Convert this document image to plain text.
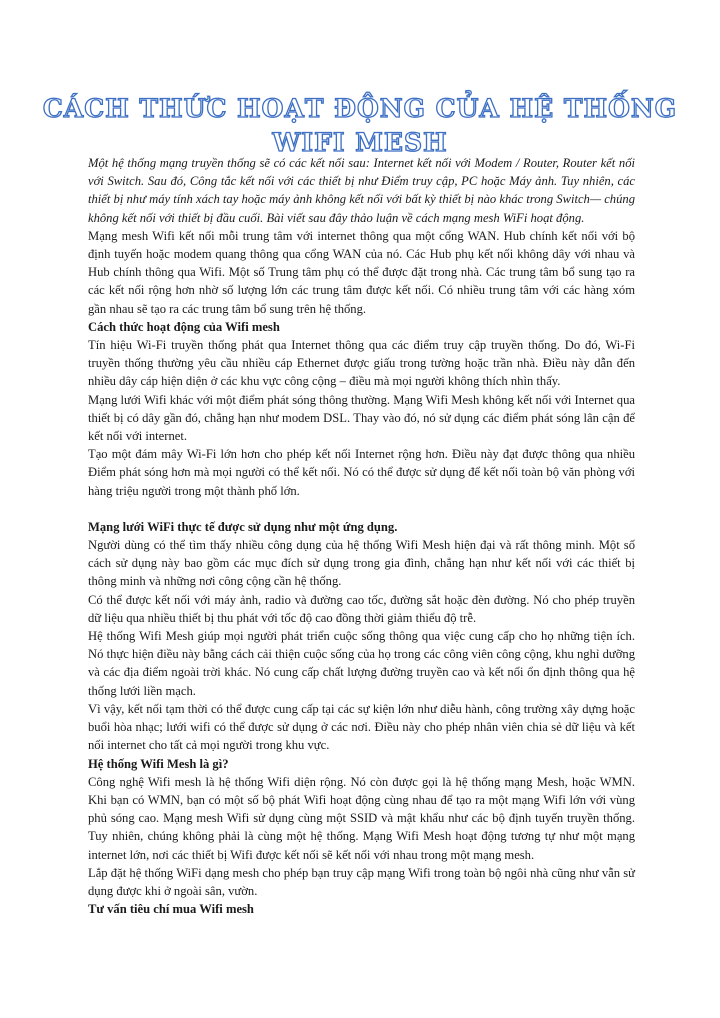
CÁCH THỨC HOẠT ĐỘNG CỦA HỆ THỐNG
WIFI MESH

Một hệ thống mạng truyền thống sẽ có các kết nối sau: Internet kết nối với Modem / Router, Router kết nối với Switch. Sau đó, Công tắc kết nối với các thiết bị như Điểm truy cập, PC hoặc Máy ảnh. Tuy nhiên, các thiết bị như máy tính xách tay hoặc máy ảnh không kết nối với bất kỳ thiết bị nào khác trong Switch— chúng không kết nối với thiết bị đầu cuối. Bài viết sau đây thảo luận về cách mạng mesh WiFi hoạt động.

Mạng mesh Wifi kết nối mỗi trung tâm với internet thông qua một cổng WAN. Hub chính kết nối với bộ định tuyến hoặc modem quang thông qua cổng WAN của nó. Các Hub phụ kết nối không dây với nhau và Hub chính thông qua Wifi. Một số Trung tâm phụ có thể được đặt trong nhà. Các trung tâm bổ sung tạo ra các kết nối rộng hơn nhờ số lượng lớn các trung tâm được kết nối. Có nhiều trung tâm với các hàng xóm gần nhau sẽ tạo ra các trung tâm bổ sung trên hệ thống.

Cách thức hoạt động của Wifi mesh

Tín hiệu Wi-Fi truyền thống phát qua Internet thông qua các điểm truy cập truyền thống. Do đó, Wi-Fi truyền thống thường yêu cầu nhiều cáp Ethernet được giấu trong tường hoặc trần nhà. Điều này dẫn đến nhiều dây cáp hiện diện ở các khu vực công cộng – điều mà mọi người không thích nhìn thấy.

Mạng lưới Wifi khác với một điểm phát sóng thông thường. Mạng Wifi Mesh không kết nối với Internet qua thiết bị có dây gần đó, chẳng hạn như modem DSL. Thay vào đó, nó sử dụng các điểm phát sóng lân cận để kết nối với internet.

Tạo một đám mây Wi-Fi lớn hơn cho phép kết nối Internet rộng hơn. Điều này đạt được thông qua nhiều Điểm phát sóng hơn mà mọi người có thể kết nối. Nó có thể được sử dụng để kết nối toàn bộ văn phòng với hàng triệu người trong một thành phố lớn.

Mạng lưới WiFi thực tế được sử dụng như một ứng dụng.

Người dùng có thể tìm thấy nhiều công dụng của hệ thống Wifi Mesh hiện đại và rất thông minh. Một số cách sử dụng này bao gồm các mục đích sử dụng trong gia đình, chẳng hạn như kết nối với các thiết bị thông minh và những nơi công cộng cần hệ thống.

Có thể được kết nối với máy ảnh, radio và đường cao tốc, đường sắt hoặc đèn đường. Nó cho phép truyền dữ liệu qua nhiều thiết bị thu phát với tốc độ cao đồng thời giảm thiểu độ trễ.

Hệ thống Wifi Mesh giúp mọi người phát triển cuộc sống thông qua việc cung cấp cho họ những tiện ích. Nó thực hiện điều này bằng cách cải thiện cuộc sống của họ trong các công viên công cộng, khu nghỉ dưỡng và các địa điểm ngoài trời khác. Nó cung cấp chất lượng đường truyền cao và kết nối ổn định thông qua hệ thống lưới liền mạch.

Vì vậy, kết nối tạm thời có thể được cung cấp tại các sự kiện lớn như diễu hành, công trường xây dựng hoặc buổi hòa nhạc; lưới wifi có thể được sử dụng ở các nơi. Điều này cho phép nhân viên chia sẻ dữ liệu và kết nối internet cho tất cả mọi người trong khu vực.

Hệ thống Wifi Mesh là gì?

Công nghệ Wifi mesh là hệ thống Wifi diện rộng. Nó còn được gọi là hệ thống mạng Mesh, hoặc WMN. Khi bạn có WMN, bạn có một số bộ phát Wifi hoạt động cùng nhau để tạo ra một mạng Wifi lớn với vùng phủ sóng cao. Mạng mesh Wifi sử dụng cùng một SSID và mật khẩu như các bộ định tuyến truyền thống. Tuy nhiên, chúng không phải là cùng một hệ thống. Mạng Wifi Mesh hoạt động tương tự như một mạng internet lớn, nơi các thiết bị Wifi được kết nối sẽ kết nối với nhau trong một mạng mesh.

Lắp đặt hệ thống WiFi dạng mesh cho phép bạn truy cập mạng Wifi trong toàn bộ ngôi nhà cũng như vẫn sử dụng được khi ở ngoài sân, vườn.

Tư vấn tiêu chí mua Wifi mesh
